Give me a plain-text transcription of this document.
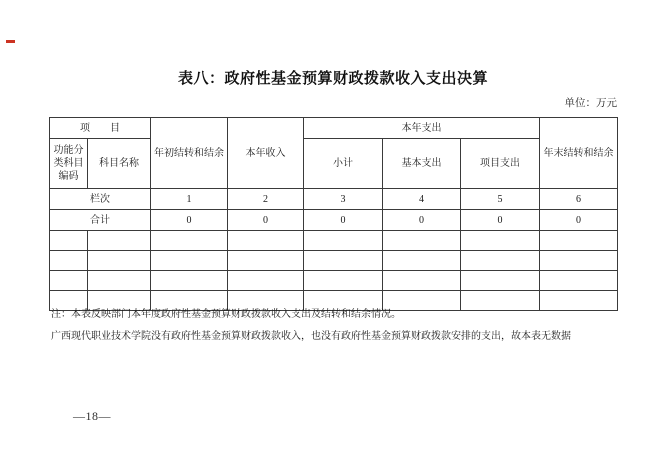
表八：政府性基金预算财政拨款收入支出决算
单位：万元
项　　目		年初结转和结余	本年收入	本年支出			年末结转和结余
功能分类科目编码	科目名称			小计	基本支出	项目支出	
栏次		1	2	3	4	5	6
合计		0	0	0	0	0	0

注：本表反映部门本年度政府性基金预算财政拨款收入支出及结转和结余情况。
广西现代职业技术学院没有政府性基金预算财政拨款收入，也没有政府性基金预算财政拨款安排的支出，故本表无数据
—18—
